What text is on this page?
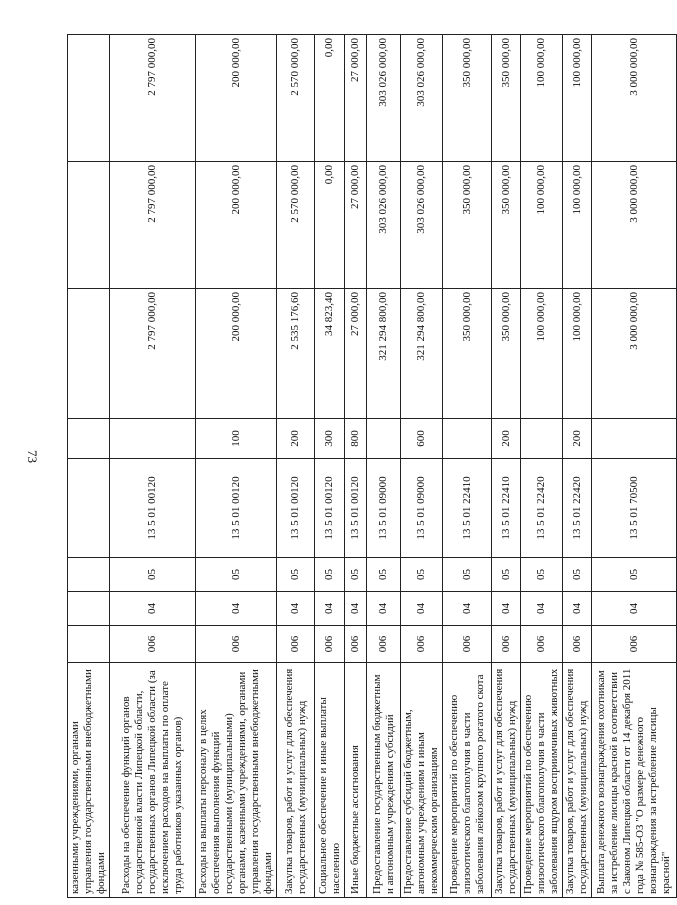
73
казенными учреждениями, органами управления государственными внебюджетными фондами								
Расходы на обеспечение функций органов государственной власти Липецкой области, государственных органов Липецкой области (за исключением расходов на выплаты по оплате труда работников указанных органов)	006	04	05	13 5 01 00120		2 797 000,00	2 797 000,00	2 797 000,00
Расходы на выплаты персоналу в целях обеспечения выполнения функций государственными (муниципальными) органами, казенными учреждениями, органами управления государственными внебюджетными фондами	006	04	05	13 5 01 00120	100	200 000,00	200 000,00	200 000,00
Закупка товаров, работ и услуг для обеспечения государственных (муниципальных) нужд	006	04	05	13 5 01 00120	200	2 535 176,60	2 570 000,00	2 570 000,00
Социальное обеспечение и иные выплаты населению	006	04	05	13 5 01 00120	300	34 823,40	0,00	0,00
Иные бюджетные ассигнования	006	04	05	13 5 01 00120	800	27 000,00	27 000,00	27 000,00
Предоставление государственным бюджетным и автономным учреждениям субсидий	006	04	05	13 5 01 09000		321 294 800,00	303 026 000,00	303 026 000,00
Предоставление субсидий бюджетным, автономным учреждениям и иным некоммерческим организациям	006	04	05	13 5 01 09000	600	321 294 800,00	303 026 000,00	303 026 000,00
Проведение мероприятий по обеспечению эпизоотического благополучия в части заболевания лейкозом крупного рогатого скота	006	04	05	13 5 01 22410		350 000,00	350 000,00	350 000,00
Закупка товаров, работ и услуг для обеспечения государственных (муниципальных) нужд	006	04	05	13 5 01 22410	200	350 000,00	350 000,00	350 000,00
Проведение мероприятий по обеспечению эпизоотического благополучия в части заболевания ящуром восприимчивых животных	006	04	05	13 5 01 22420		100 000,00	100 000,00	100 000,00
Закупка товаров, работ и услуг для обеспечения государственных (муниципальных) нужд	006	04	05	13 5 01 22420	200	100 000,00	100 000,00	100 000,00
Выплата денежного вознаграждения охотникам за истребление лисицы красной в соответствии с Законом Липецкой области от 14 декабря 2011 года № 585-ОЗ "О размере денежного вознаграждения за истребление лисицы красной"	006	04	05	13 5 01 70500		3 000 000,00	3 000 000,00	3 000 000,00
